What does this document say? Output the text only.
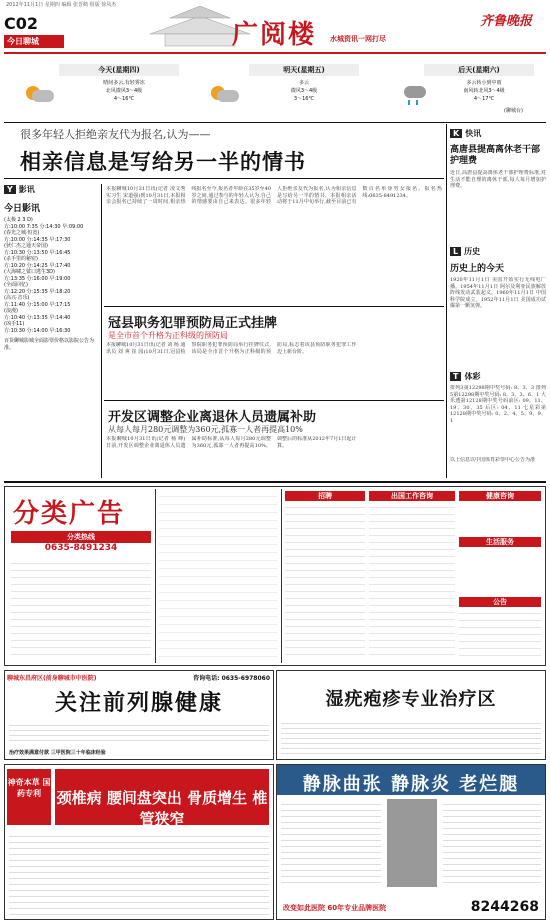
2012年11月1日 星期四 编辑 张晋鹤 组版 徐凤杰
C02
今日聊城	广阅楼 水城资讯一网打尽
齐鲁晚报
今天(星期四)
晴间多云,有轻雾冻
北风微风3～4级
4～16℃
明天(星期五)
多云
微风3～4级
3～16℃
后天(星期六)
多云转小到中雨
南风转北风3～4级
4～17℃
(聊城台)
很多年轻人拒绝亲友代为报名,认为——
相亲信息是写给另一半的情书
Y 影讯
今日影讯
(太极 2 3 D)
方:10:00 7:35 分:14:30 早:09:00
(春光之城·恒宽)
方:10:00 分:14:35 早:17:30
(狄仁杰之通天帝国)
方:10:30 分:13:50 早:16:45
(杀手里的秘密)
方:10:20 分:14:25 早:17:40
(大海啸之鲨口逃生3D)
方:13:35 分:16:00 早:19:00
(全面回忆)
方:12:20 分:15:35 早:18:20
(高兴·音乐)
方:11:40 分:15:00 早:17:15
(浪漫)
方:10:40 分:13:35 早:14:40
(凶手11)
方:10:30 分:14:00 早:16:30
百货聊城影城全面影票价格以影院公告为准。
本报聊城10月31日讯(记者 凌文秀 实习生 宋道强)到10月31日,本报相亲会报名已持续了一周时间,相亲热线报名至今,报名者年龄在35岁至40岁之间,通过参与的年轻人认为,自己的情感要由自己来表达。很多年轻人拒绝亲友代为报名,认为相亲信息是写给另一半的情书。本报相亲活动将于11月中旬举行,截至目前已有数百名单身男女报名。报名热线:0635-8491234。
冠县职务犯罪预防局正式挂牌
是全市首个升格为正科级的预防局
本报聊城10月31日讯(记者 刘 杨 通讯员 刘 爽 崔 园)10月31日,冠县检察院职务犯罪预防局举行挂牌仪式,该局是全市首个升格为正科级的预防局,标志着该县预防职务犯罪工作迈上新台阶。
开发区调整企业离退休人员遗属补助
从每人每月280元调整为360元,孤寡一人者再提高10%
本报聊城10月31日讯(记者 杨 峰)日前,开发区调整企业离退休人员遗属补助标准,从每人每月280元调整为360元,孤寡一人者再提高10%。调整后的标准从2012年7月1日起计算。
K 快讯
高唐县提高离休老干部护理费
近日,高唐县提高离休老干部护理费标准,对生活不能自理的离休干部,每人每月增加护理费。
L 历史
历史上的今天
1920年11月1日 美国开始实行无线电广播。1954年11月1日 阿尔及利亚民族解放阵线发动武装起义。1960年11月1日 中国科学院成立。1952年11月1日 美国成功试爆第一颗氢弹。
T 体彩
排列3第12298期中奖号码: 8、3、3 排列5第12298期中奖号码: 8、3、3、6、1 大乐透第12128期中奖号码前区: 09、11、19、30、35 后区: 04、11 七星彩第12128期中奖号码: 0、2、4、5、9、9、1
以上信息以中国体育彩票中心公告为准
分类广告
分类热线
0635-8491234
招聘	出国工作咨询	健康咨询
生活服务
公告
聊城东昌府区(前身聊城市中医院)	咨询电话: 0635-6978060
关注前列腺健康
治疗效果满意付款 三甲医院三十年临床经验
湿疣疱疹专业治疗区
神奇本草 国药专利	颈椎病 腰间盘突出 骨质增生 椎管狭窄
静脉曲张 静脉炎 老烂腿
改变如此医院 60年专业品牌医院	8244268
